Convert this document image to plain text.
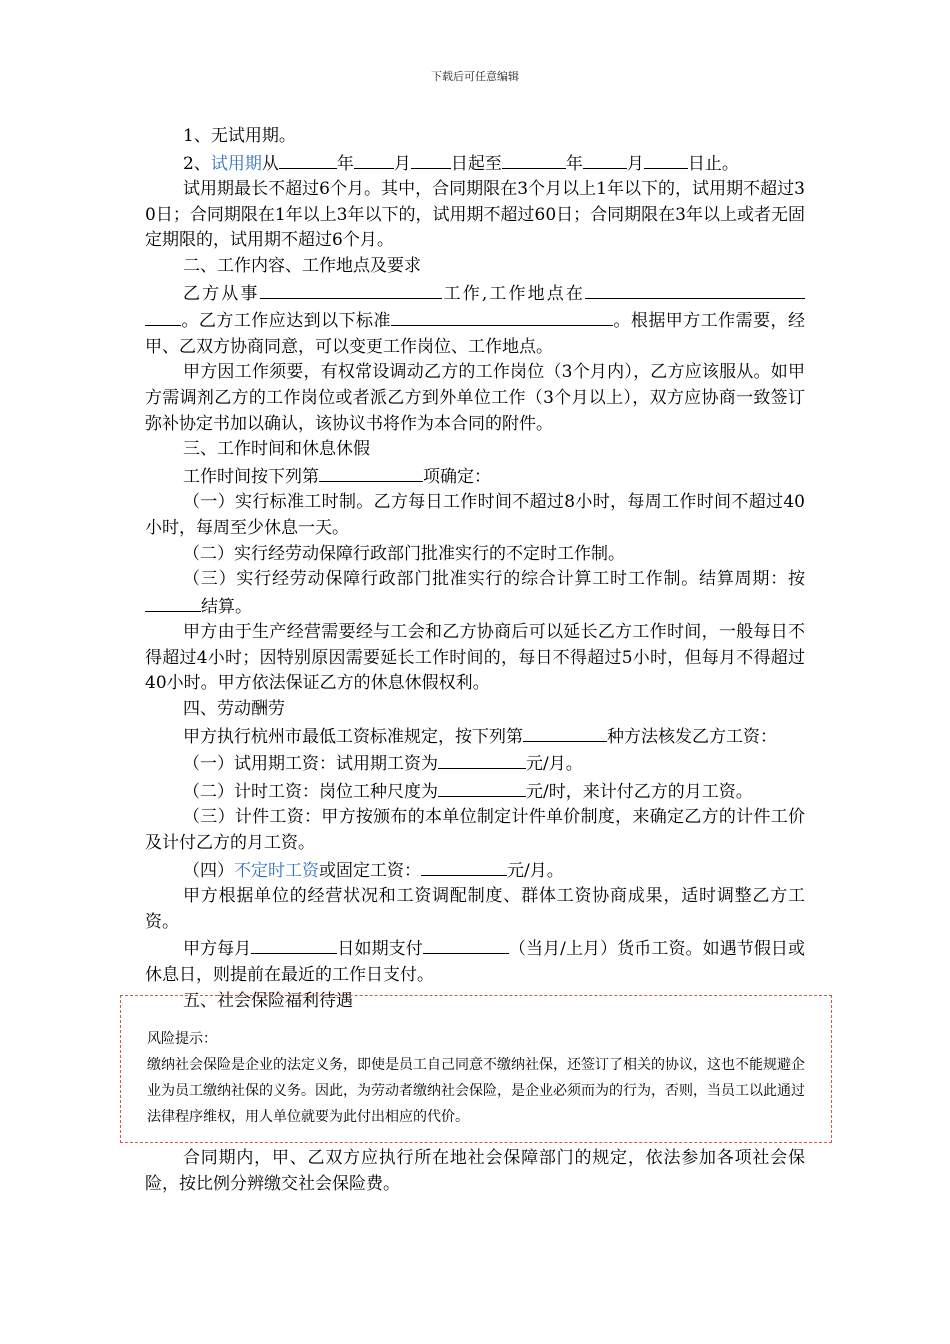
下载后可任意编辑

1、无试用期。

2、试用期从	年 月 日起至	年	月	日止。

试用期最长不超过6个月。其中，合同期限在3个月以上1年以下的，试用期不超过30日；合同期限在1年以上3年以下的，试用期不超过60日；合同期限在3年以上或者无固定期限的，试用期不超过6个月。

二、工作内容、工作地点及要求

乙方从事	工作,工作地点在。乙方工作应达到以下标准	。根据甲方工作需要，经甲、乙双方协商同意，可以变更工作岗位、工作地点。

甲方因工作须要，有权常设调动乙方的工作岗位（3个月内），乙方应该服从。如甲方需调剂乙方的工作岗位或者派乙方到外单位工作（3个月以上），双方应协商一致签订弥补协定书加以确认，该协议书将作为本合同的附件。

三、工作时间和休息休假

工作时间按下列第	项确定：

（一）实行标准工时制。乙方每日工作时间不超过8小时，每周工作时间不超过40小时，每周至少休息一天。

（二）实行经劳动保障行政部门批准实行的不定时工作制。

（三）实行经劳动保障行政部门批准实行的综合计算工时工作制。结算周期：按结算。

甲方由于生产经营需要经与工会和乙方协商后可以延长乙方工作时间，一般每日不得超过4小时；因特别原因需要延长工作时间的，每日不得超过5小时，但每月不得超过40小时。甲方依法保证乙方的休息休假权利。

四、劳动酬劳

甲方执行杭州市最低工资标准规定，按下列第	种方法核发乙方工资：

（一）试用期工资：试用期工资为	元/月。

（二）计时工资：岗位工种尺度为	元/时，来计付乙方的月工资。

（三）计件工资：甲方按颁布的本单位制定计件单价制度，来确定乙方的计件工价及计付乙方的月工资。

（四）不定时工资或固定工资：	元/月。

甲方根据单位的经营状况和工资调配制度、群体工资协商成果，适时调整乙方工资。

甲方每月	日如期支付	（当月/上月）货币工资。如遇节假日或休息日，则提前在最近的工作日支付。

五、社会保险福利待遇

风险提示：

缴纳社会保险是企业的法定义务，即使是员工自己同意不缴纳社保，还签订了相关的协议，这也不能规避企业为员工缴纳社保的义务。因此，为劳动者缴纳社会保险，是企业必须而为的行为，否则，当员工以此通过法律程序维权，用人单位就要为此付出相应的代价。

合同期内，甲、乙双方应执行所在地社会保障部门的规定，依法参加各项社会保险，按比例分辨缴交社会保险费。
